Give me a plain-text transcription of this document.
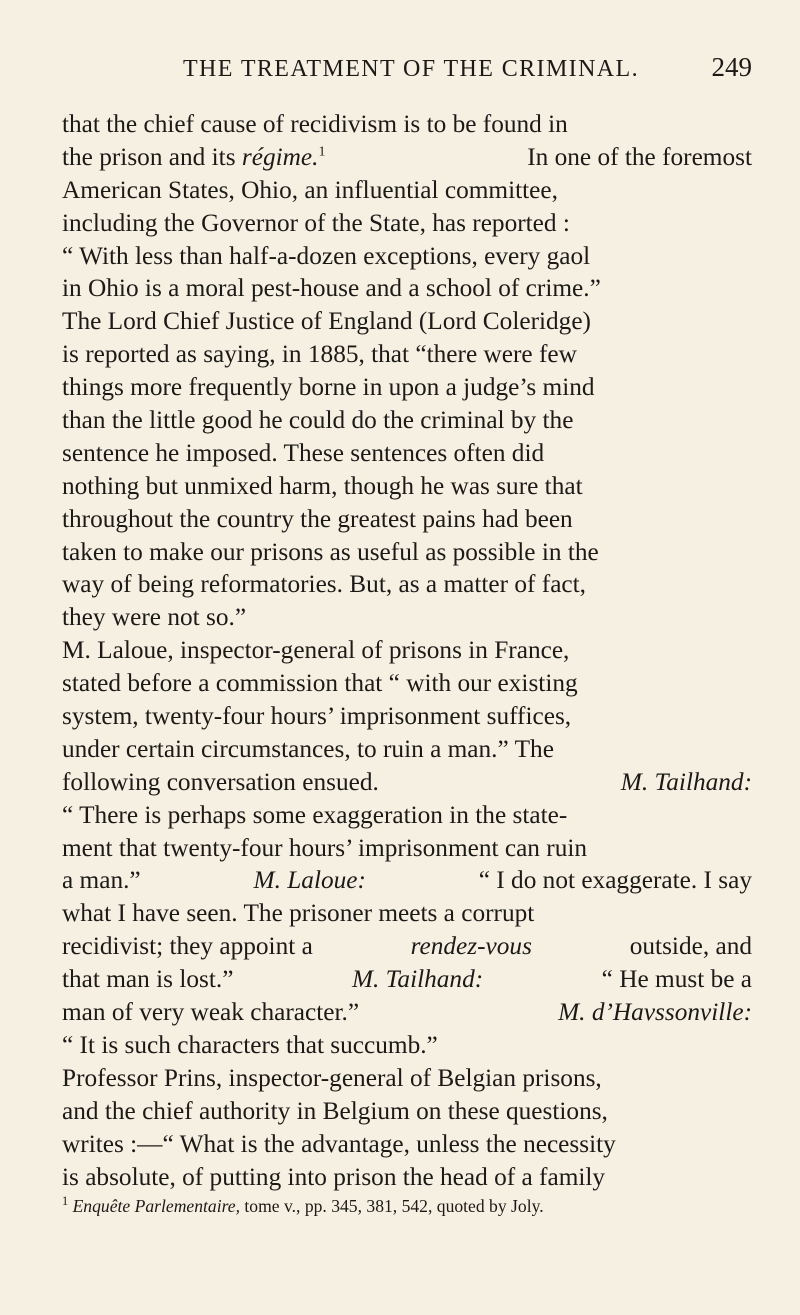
THE TREATMENT OF THE CRIMINAL.	249
that the chief cause of recidivism is to be found in
the prison and its régime.$^1$	In one of the foremost
American States, Ohio, an influential committee,
including the Governor of the State, has reported :
“ With less than half-a-dozen exceptions, every gaol
in Ohio is a moral pest-house and a school of crime.”
The Lord Chief Justice of England (Lord Coleridge)
is reported as saying, in 1885, that “there were few
things more frequently borne in upon a judge’s mind
than the little good he could do the criminal by the
sentence he imposed. These sentences often did
nothing but unmixed harm, though he was sure that
throughout the country the greatest pains had been
taken to make our prisons as useful as possible in the
way of being reformatories. But, as a matter of fact,
they were not so.”
M. Laloue, inspector-general of prisons in France,
stated before a commission that “ with our existing
system, twenty-four hours’ imprisonment suffices,
under certain circumstances, to ruin a man.” The
following conversation ensued.	M. Tailhand:
“ There is perhaps some exaggeration in the state-
ment that twenty-four hours’ imprisonment can ruin
a man.”	M. Laloue:	“ I do not exaggerate. I say
what I have seen. The prisoner meets a corrupt
recidivist; they appoint a	rendez-vous	outside, and
that man is lost.”	M. Tailhand:	“ He must be a
man of very weak character.”	M. d’Havssonville:
“ It is such characters that succumb.”
Professor Prins, inspector-general of Belgian prisons,
and the chief authority in Belgium on these questions,
writes :—“ What is the advantage, unless the necessity
is absolute, of putting into prison the head of a family
$^1$ Enquête Parlementaire, tome v., pp. 345, 381, 542, quoted by Joly.
